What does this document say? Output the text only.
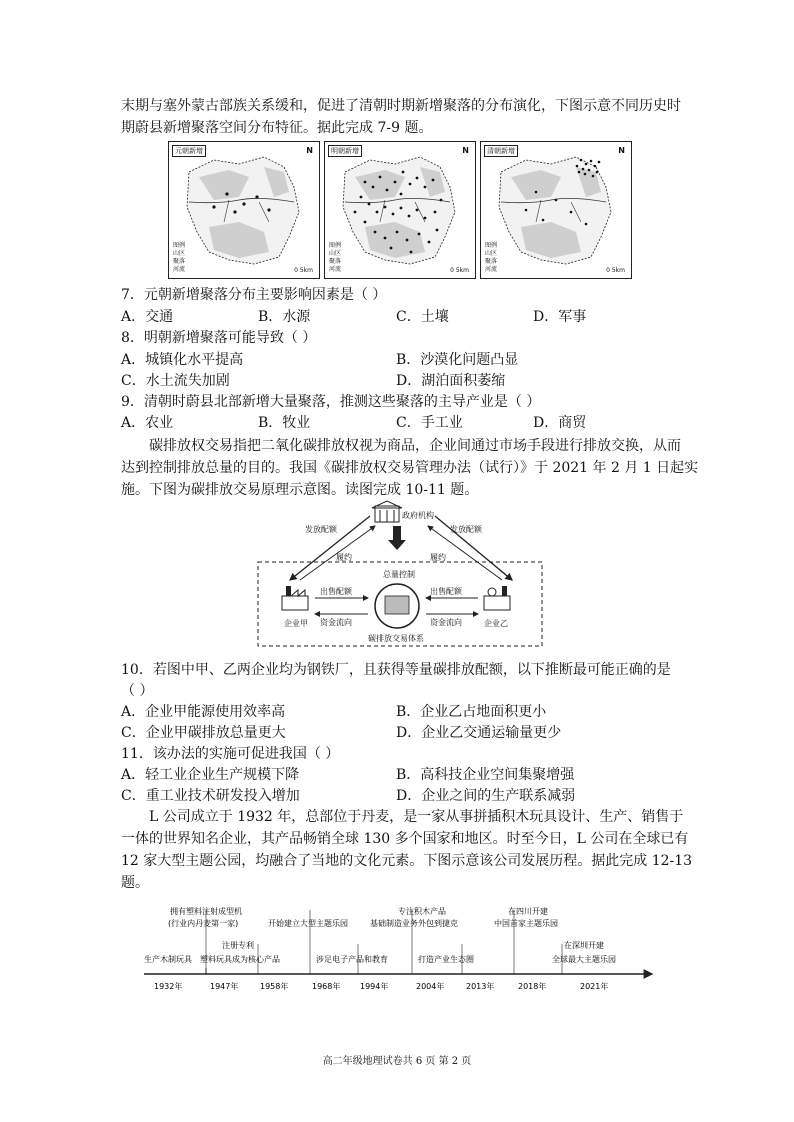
末期与塞外蒙古部族关系缓和，促进了清朝时期新增聚落的分布演化，下图示意不同历史时
期蔚县新增聚落空间分布特征。据此完成 7-9 题。
元朝新增	N
图例
山区
聚落
河流	0 5km
明朝新增	N
图例
山区
聚落
河流	0 5km
清朝新增	N
图例
山区
聚落
河流	0 5km
7．元朝新增聚落分布主要影响因素是（ ）
A．交通	B．水源	C．土壤	D．军事
8．明朝新增聚落可能导致（ ）
A．城镇化水平提高	B．沙漠化问题凸显
C．水土流失加剧	D．湖泊面积萎缩
9．清朝时蔚县北部新增大量聚落，推测这些聚落的主导产业是（ ）
A．农业	B．牧业	C．手工业	D．商贸
碳排放权交易指把二氧化碳排放权视为商品，企业间通过市场手段进行排放交换，从而
达到控制排放总量的目的。我国《碳排放权交易管理办法（试行）》于 2021 年 2 月 1 日起实
施。下图为碳排放交易原理示意图。读图完成 10-11 题。
政府机构
发放配额	发放配额
履约	履约
总量控制
企业甲	企业乙
出售配额
资金流向
出售配额
资金流向
碳排放交易体系
10．若图中甲、乙两企业均为钢铁厂，且获得等量碳排放配额，以下推断最可能正确的是
（ ）
A．企业甲能源使用效率高	B．企业乙占地面积更小
C．企业甲碳排放总量更大	D．企业乙交通运输量更少
11．该办法的实施可促进我国（ ）
A．轻工业企业生产规模下降	B．高科技企业空间集聚增强
C．重工业技术研发投入增加	D．企业之间的生产联系减弱
L 公司成立于 1932 年，总部位于丹麦，是一家从事拼插积木玩具设计、生产、销售于
一体的世界知名企业，其产品畅销全球 130 多个国家和地区。时至今日，L 公司在全球已有
12 家大型主题公园，均融合了当地的文化元素。下图示意该公司发展历程。据此完成 12-13
题。
1932年	1947年	1958年	1968年 1994年	2004年	2013年	2018年	2021年
拥有塑料注射成型机
(行业内丹麦第一家)	开始建立大型主题乐园
专注积木产品
基础制造业务外包到捷克
在四川开建
中国首家主题乐园
生产木制玩具
注册专利
塑料玩具成为核心产品	涉足电子产品和教育	打造产业生态圈
在深圳开建
全球最大主题乐园
高二年级地理试卷共 6 页 第 2 页
